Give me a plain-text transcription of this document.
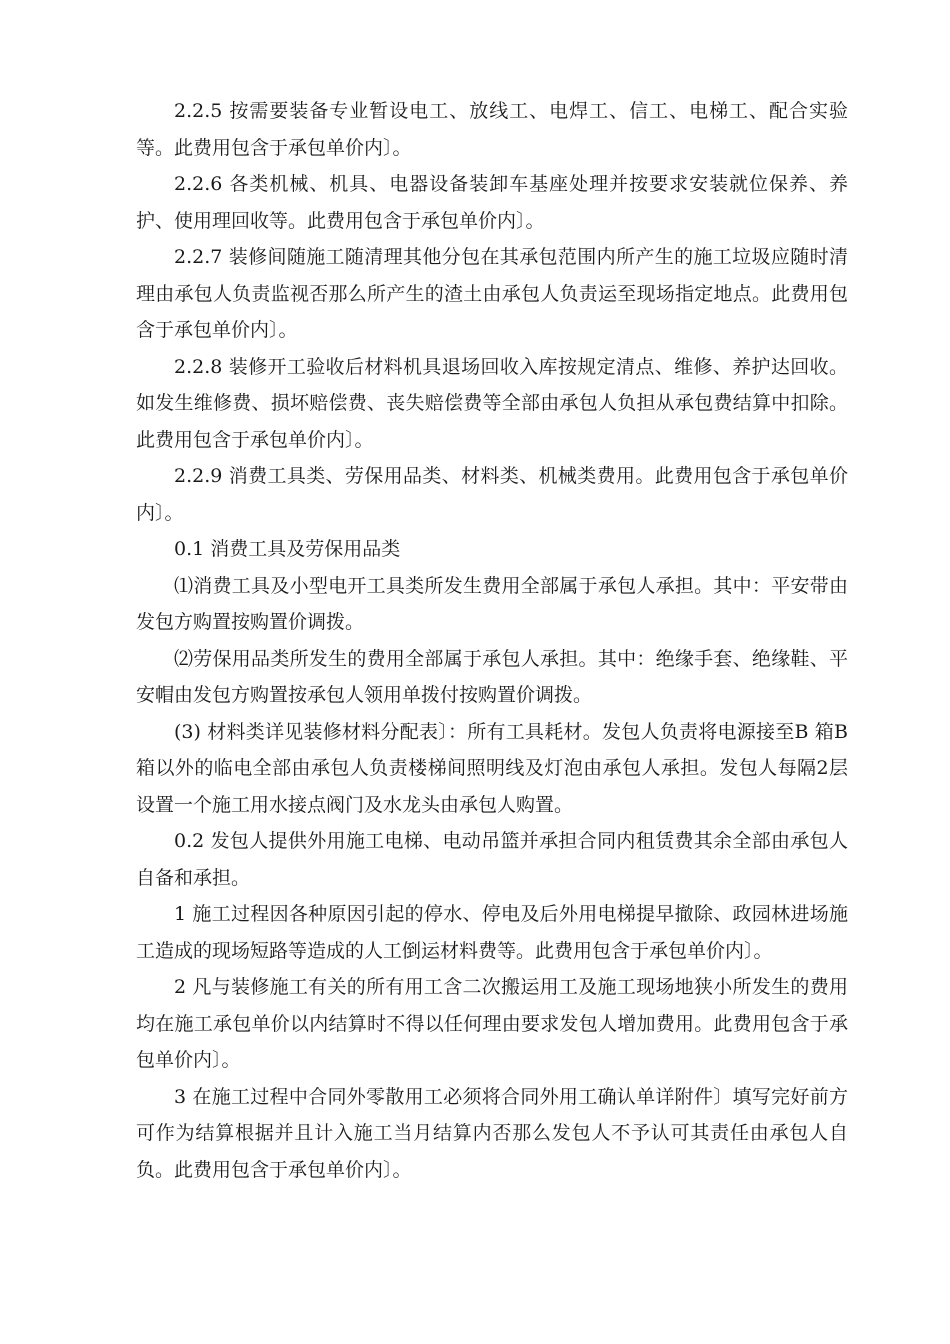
2.2.5 按需要装备专业暂设电工、放线工、电焊工、信工、电梯工、配合实验等。此费用包含于承包单价内〕。

2.2.6 各类机械、机具、电器设备装卸车基座处理并按要求安装就位保养、养护、使用理回收等。此费用包含于承包单价内〕。

2.2.7 装修间随施工随清理其他分包在其承包范围内所产生的施工垃圾应随时清理由承包人负责监视否那么所产生的渣土由承包人负责运至现场指定地点。此费用包含于承包单价内〕。

2.2.8 装修开工验收后材料机具退场回收入库按规定清点、维修、养护达回收。如发生维修费、损坏赔偿费、丧失赔偿费等全部由承包人负担从承包费结算中扣除。此费用包含于承包单价内〕。

2.2.9 消费工具类、劳保用品类、材料类、机械类费用。此费用包含于承包单价内〕。

0.1 消费工具及劳保用品类

⑴消费工具及小型电开工具类所发生费用全部属于承包人承担。其中：平安带由发包方购置按购置价调拨。

⑵劳保用品类所发生的费用全部属于承包人承担。其中：绝缘手套、绝缘鞋、平安帽由发包方购置按承包人领用单拨付按购置价调拨。

(3) 材料类详见装修材料分配表〕：所有工具耗材。发包人负责将电源接至B 箱B 箱以外的临电全部由承包人负责楼梯间照明线及灯泡由承包人承担。发包人每隔2层设置一个施工用水接点阀门及水龙头由承包人购置。

0.2 发包人提供外用施工电梯、电动吊篮并承担合同内租赁费其余全部由承包人自备和承担。

1 施工过程因各种原因引起的停水、停电及后外用电梯提早撤除、政园林进场施工造成的现场短路等造成的人工倒运材料费等。此费用包含于承包单价内〕。

2 凡与装修施工有关的所有用工含二次搬运用工及施工现场地狭小所发生的费用均在施工承包单价以内结算时不得以任何理由要求发包人增加费用。此费用包含于承包单价内〕。

3 在施工过程中合同外零散用工必须将合同外用工确认单详附件〕填写完好前方可作为结算根据并且计入施工当月结算内否那么发包人不予认可其责任由承包人自负。此费用包含于承包单价内〕。
